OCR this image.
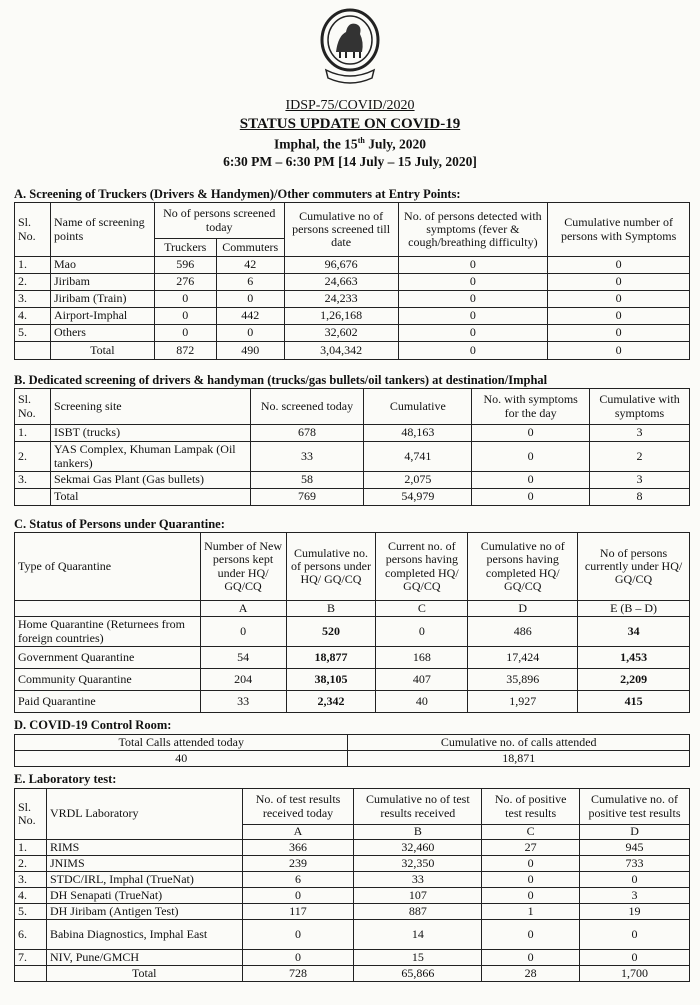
IDSP-75/COVID/2020
STATUS UPDATE ON COVID-19
Imphal, the 15th July, 2020
6:30 PM – 6:30 PM [14 July – 15 July, 2020]
A. Screening of Truckers (Drivers & Handymen)/Other commuters at Entry Points:
Sl. No.	Name of screening points	No of persons screened today		Cumulative no of persons screened till date	No. of persons detected with symptoms (fever & cough/breathing difficulty)	Cumulative number of persons with Symptoms
		Truckers	Commuters			
1.	Mao	596	42	96,676	0	0
2.	Jiribam	276	6	24,663	0	0
3.	Jiribam (Train)	0	0	24,233	0	0
4.	Airport-Imphal	0	442	1,26,168	0	0
5.	Others	0	0	32,602	0	0
	Total	872	490	3,04,342	0	0
B. Dedicated screening of drivers & handyman (trucks/gas bullets/oil tankers) at destination/Imphal
Sl. No.	Screening site	No. screened today	Cumulative	No. with symptoms for the day	Cumulative with symptoms
1.	ISBT (trucks)	678	48,163	0	3
2.	YAS Complex, Khuman Lampak (Oil tankers)	33	4,741	0	2
3.	Sekmai Gas Plant (Gas bullets)	58	2,075	0	3
	Total	769	54,979	0	8
C. Status of Persons under Quarantine:
Type of Quarantine	Number of New persons kept under HQ/ GQ/CQ	Cumulative no. of persons under HQ/ GQ/CQ	Current no. of persons having completed HQ/ GQ/CQ	Cumulative no of persons having completed HQ/ GQ/CQ	No of persons currently under HQ/ GQ/CQ
	A	B	C	D	E (B – D)
Home Quarantine (Returnees from foreign countries)	0	520	0	486	34
Government Quarantine	54	18,877	168	17,424	1,453
Community Quarantine	204	38,105	407	35,896	2,209
Paid Quarantine	33	2,342	40	1,927	415
D. COVID-19 Control Room:
Total Calls attended today	Cumulative no. of calls attended
40	18,871
E. Laboratory test:
Sl. No.	VRDL Laboratory	No. of test results received today	Cumulative no of test results received	No. of positive test results	Cumulative no. of positive test results
		A	B	C	D
1.	RIMS	366	32,460	27	945
2.	JNIMS	239	32,350	0	733
3.	STDC/IRL, Imphal (TrueNat)	6	33	0	0
4.	DH Senapati (TrueNat)	0	107	0	3
5.	DH Jiribam (Antigen Test)	117	887	1	19
6.	Babina Diagnostics, Imphal East	0	14	0	0
7.	NIV, Pune/GMCH	0	15	0	0
	Total	728	65,866	28	1,700
